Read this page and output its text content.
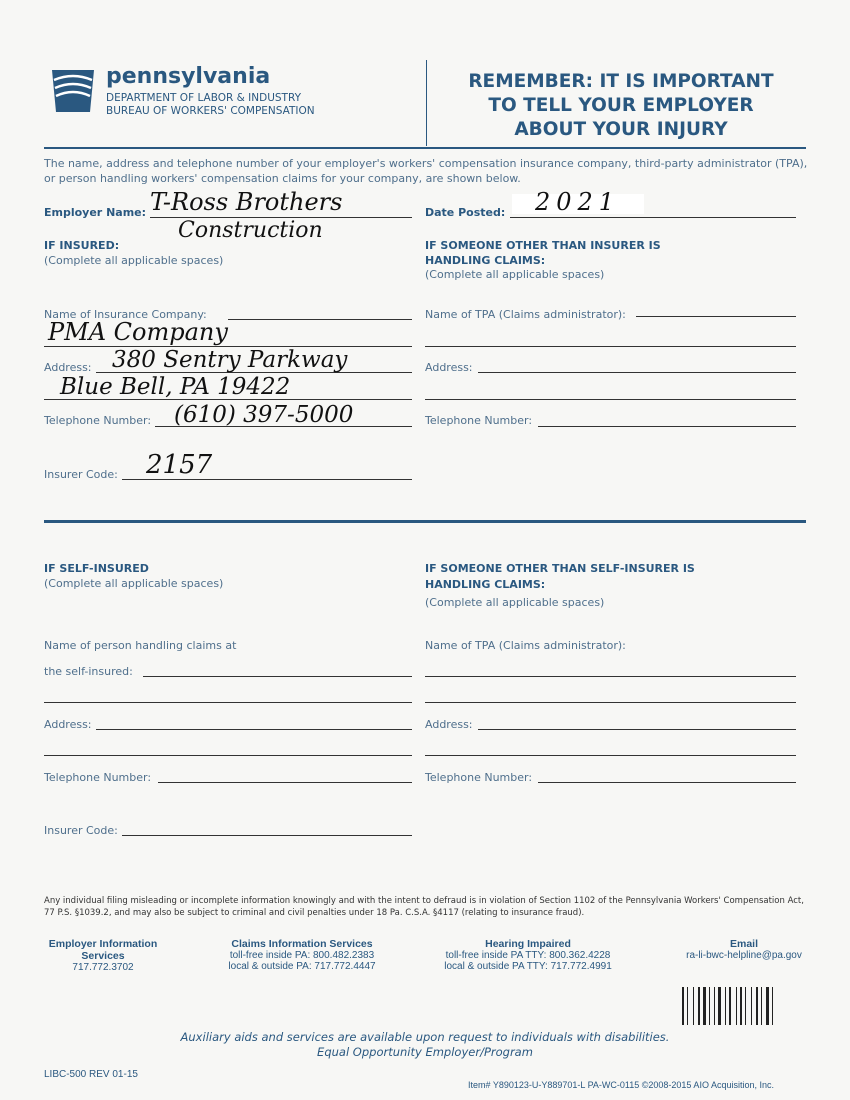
pennsylvania
DEPARTMENT OF LABOR & INDUSTRY
BUREAU OF WORKERS' COMPENSATION
REMEMBER: IT IS IMPORTANT
TO TELL YOUR EMPLOYER
ABOUT YOUR INJURY
The name, address and telephone number of your employer's workers' compensation insurance company, third-party administrator (TPA), or person handling workers' compensation claims for your company, are shown below.
Employer Name: T-Ross Brothers
Construction
Date Posted: 2021
IF INSURED:
(Complete all applicable spaces)
IF SOMEONE OTHER THAN INSURER IS
HANDLING CLAIMS:
(Complete all applicable spaces)
Name of Insurance Company:
PMA Company
Address: 380 Sentry Parkway
Blue Bell, PA 19422
Telephone Number: (610) 397-5000
Insurer Code: 2157
Name of TPA (Claims administrator):
Address:
Telephone Number:
IF SELF-INSURED
(Complete all applicable spaces)
IF SOMEONE OTHER THAN SELF-INSURER IS
HANDLING CLAIMS:
(Complete all applicable spaces)
Name of person handling claims at
the self-insured:
Address:
Telephone Number:
Insurer Code:
Name of TPA (Claims administrator):
Address:
Telephone Number:
Any individual filing misleading or incomplete information knowingly and with the intent to defraud is in violation of Section 1102 of the Pennsylvania Workers' Compensation Act, 77 P.S. §1039.2, and may also be subject to criminal and civil penalties under 18 Pa. C.S.A. §4117 (relating to insurance fraud).
Employer Information
Services
717.772.3702
Claims Information Services
toll-free inside PA: 800.482.2383
local & outside PA: 717.772.4447
Hearing Impaired
toll-free inside PA TTY: 800.362.4228
local & outside PA TTY: 717.772.4991
Email
ra-li-bwc-helpline@pa.gov
Auxiliary aids and services are available upon request to individuals with disabilities.
Equal Opportunity Employer/Program
LIBC-500 REV 01-15
Item# Y890123-U-Y889701-L PA-WC-0115 ©2008-2015 AIO Acquisition, Inc.
